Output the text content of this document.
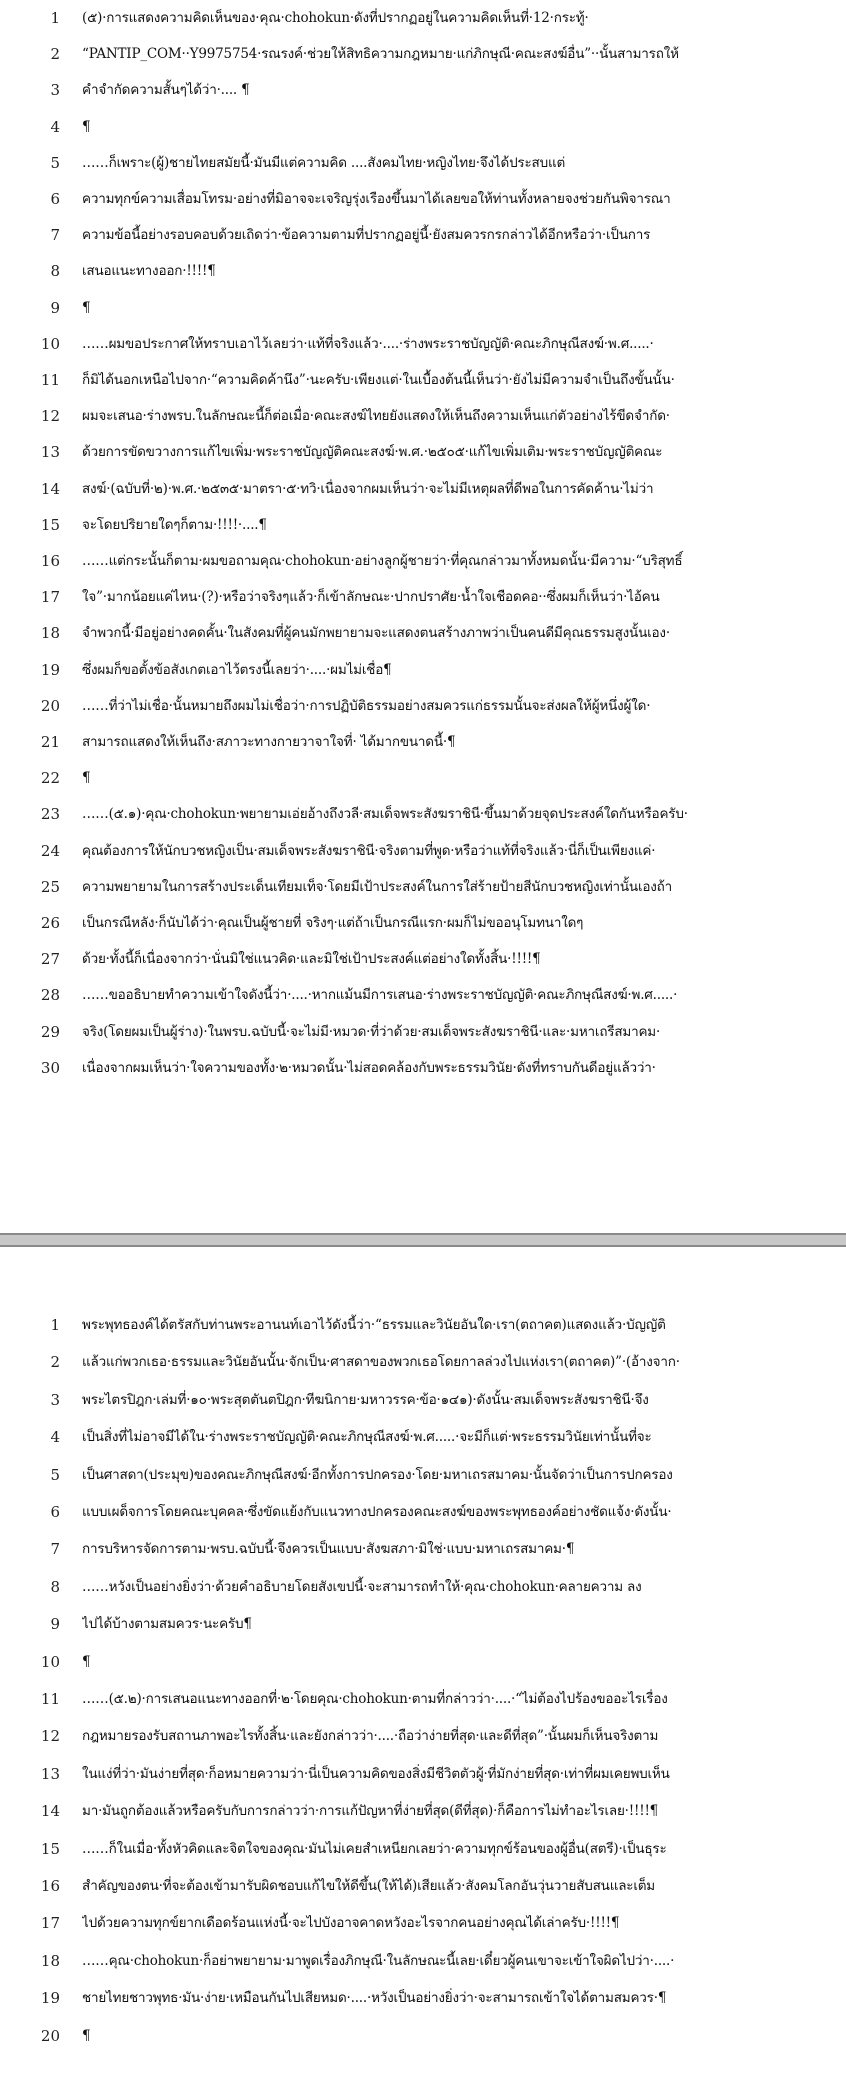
1 (๕)·การแสดงความคิดเห็นของ·คุณ·chohokun·ดังที่ปรากฏอยู่ในความคิดเห็นที่·12·กระทู้·
2 “PANTIP_COM··Y9975754·รณรงค์·ช่วยให้สิทธิความกฎหมาย·แก่ภิกษุณี·คณะสงฆ์อื่น”··นั้นสามารถให้
3 คำจำกัดความสั้นๆได้ว่า·.... ¶
4 ¶
5 ……ก็เพราะ(ผู้)ชายไทยสมัยนี้·มันมีแต่ความคิด ....สังคมไทย·หญิงไทย·จึงได้ประสบแต่
6 ความทุกข์ความเสื่อมโทรม·อย่างที่มิอาจจะเจริญรุ่งเรืองขึ้นมาได้เลยขอให้ท่านทั้งหลายจงช่วยกันพิจารณา
7 ความข้อนี้อย่างรอบคอบด้วยเถิดว่า·ข้อความตามที่ปรากฏอยู่นี้·ยังสมควรกรกล่าวได้อีกหรือว่า·เป็นการ
8 เสนอแนะทางออก·!!!!¶
9 ¶
10 ……ผมขอประกาศให้ทราบเอาไว้เลยว่า·แท้ที่จริงแล้ว·....·ร่างพระราชบัญญัติ·คณะภิกษุณีสงฆ์·พ.ศ.....·
11 ก็มิได้นอกเหนือไปจาก·“ความคิดค้านึง”·นะครับ·เพียงแต่·ในเบื้องต้นนี้เห็นว่า·ยังไม่มีความจำเป็นถึงขั้นนั้น·
12 ผมจะเสนอ·ร่างพรบ.ในลักษณะนี้ก็ต่อเมื่อ·คณะสงฆ์ไทยยังแสดงให้เห็นถึงความเห็นแก่ตัวอย่างไร้ขีดจำกัด·
13 ด้วยการขัดขวางการแก้ไขเพิ่ม·พระราชบัญญัติคณะสงฆ์·พ.ศ.·๒๕๐๕·แก้ไขเพิ่มเติม·พระราชบัญญัติคณะ
14 สงฆ์·(ฉบับที่·๒)·พ.ศ.·๒๕๓๕·มาตรา·๕·ทวิ·เนื่องจากผมเห็นว่า·จะไม่มีเหตุผลที่ดีพอในการคัดค้าน·ไม่ว่า
15 จะโดยปริยายใดๆก็ตาม·!!!!·....¶
16 ……แต่กระนั้นก็ตาม·ผมขอถามคุณ·chohokun·อย่างลูกผู้ชายว่า·ที่คุณกล่าวมาทั้งหมดนั้น·มีความ·“บริสุทธิ์
17 ใจ”·มากน้อยแค่ไหน·(?)·หรือว่าจริงๆแล้ว·ก็เข้าลักษณะ·ปากปราศัย·น้ำใจเชือดคอ··ซึ่งผมก็เห็นว่า·ไอ้คน
18 จำพวกนี้·มีอยู่อย่างคดคั้น·ในสังคมที่ผู้คนมักพยายามจะแสดงตนสร้างภาพว่าเป็นคนดีมีคุณธรรมสูงนั้นเอง·
19 ซึ่งผมก็ขอตั้งข้อสังเกตเอาไว้ตรงนี้เลยว่า·....·ผมไม่เชื่อ¶
20 ……ที่ว่าไม่เชื่อ·นั้นหมายถึงผมไม่เชื่อว่า·การปฏิบัติธรรมอย่างสมควรแก่ธรรมนั้นจะส่งผลให้ผู้หนึ่งผู้ใด·
21 สามารถแสดงให้เห็นถึง·สภาวะทางกายวาจาใจที่· ได้มากขนาดนี้·¶
22 ¶
23 ……(๕.๑)·คุณ·chohokun·พยายามเอ่ยอ้างถึงวลี·สมเด็จพระสังฆราชินี·ขึ้นมาด้วยจุดประสงค์ใดกันหรือครับ·
24 คุณต้องการให้นักบวชหญิงเป็น·สมเด็จพระสังฆราชินี·จริงตามที่พูด·หรือว่าแท้ที่จริงแล้ว·นี่ก็เป็นเพียงแค่·
25 ความพยายามในการสร้างประเด็นเทียมเท็จ·โดยมีเป้าประสงค์ในการใส่ร้ายป้ายสีนักบวชหญิงเท่านั้นเองถ้า
26 เป็นกรณีหลัง·ก็นับได้ว่า·คุณเป็นผู้ชายที่ จริงๆ·แต่ถ้าเป็นกรณีแรก·ผมก็ไม่ขออนุโมทนาใดๆ
27 ด้วย·ทั้งนี้ก็เนื่องจากว่า·นั่นมิใช่แนวคิด·และมิใช่เป้าประสงค์แต่อย่างใดทั้งสิ้น·!!!!¶
28 ……ขออธิบายทำความเข้าใจดังนี้ว่า·....·หากแม้นมีการเสนอ·ร่างพระราชบัญญัติ·คณะภิกษุณีสงฆ์·พ.ศ.....·
29 จริง(โดยผมเป็นผู้ร่าง)·ในพรบ.ฉบับนี้·จะไม่มี·หมวด·ที่ว่าด้วย·สมเด็จพระสังฆราชินี·และ·มหาเถรีสมาคม·
30 เนื่องจากผมเห็นว่า·ใจความของทั้ง·๒·หมวดนั้น·ไม่สอดคล้องกับพระธรรมวินัย·ดังที่ทราบกันดีอยู่แล้วว่า·
1 พระพุทธองค์ได้ตรัสกับท่านพระอานนท์เอาไว้ดังนี้ว่า·“ธรรมและวินัยอันใด·เรา(ตถาคต)แสดงแล้ว·บัญญัติ
2 แล้วแก่พวกเธอ·ธรรมและวินัยอันนั้น·จักเป็น·ศาสดาของพวกเธอโดยกาลล่วงไปแห่งเรา(ตถาคต)”·(อ้างจาก·
3 พระไตรปิฎก·เล่มที่·๑๐·พระสุตตันตปิฎก·ทีฆนิกาย·มหาวรรค·ข้อ·๑๔๑)·ดังนั้น·สมเด็จพระสังฆราชินี·จึง
4 เป็นสิ่งที่ไม่อาจมีได้ใน·ร่างพระราชบัญญัติ·คณะภิกษุณีสงฆ์·พ.ศ.....·จะมีก็แต่·พระธรรมวินัยเท่านั้นที่จะ
5 เป็นศาสดา(ประมุข)ของคณะภิกษุณีสงฆ์·อีกทั้งการปกครอง·โดย·มหาเถรสมาคม·นั้นจัดว่าเป็นการปกครอง
6 แบบเผด็จการโดยคณะบุคคล·ซึ่งขัดแย้งกับแนวทางปกครองคณะสงฆ์ของพระพุทธองค์อย่างชัดแจ้ง·ดังนั้น·
7 การบริหารจัดการตาม·พรบ.ฉบับนี้·จึงควรเป็นแบบ·สังฆสภา·มิใช่·แบบ·มหาเถรสมาคม·¶
8 ……หวังเป็นอย่างยิ่งว่า·ด้วยคำอธิบายโดยสังเขปนี้·จะสามารถทำให้·คุณ·chohokun·คลายความ ลง
9 ไปได้บ้างตามสมควร·นะครับ¶
10 ¶
11 ……(๕.๒)·การเสนอแนะทางออกที่·๒·โดยคุณ·chohokun·ตามที่กล่าวว่า·....·“ไม่ต้องไปร้องขออะไรเรื่อง
12 กฎหมายรองรับสถานภาพอะไรทั้งสิ้น·และยังกล่าวว่า·....·ถือว่าง่ายที่สุด·และดีที่สุด”·นั้นผมก็เห็นจริงตาม
13 ในแง่ที่ว่า·มันง่ายที่สุด·ก็อหมายความว่า·นี่เป็นความคิดของสิ่งมีชีวิตตัวผู้·ที่มักง่ายที่สุด·เท่าที่ผมเคยพบเห็น
14 มา·มันถูกต้องแล้วหรือครับกับการกล่าวว่า·การแก้ปัญหาที่ง่ายที่สุด(ดีที่สุด)·ก็คือการไม่ทำอะไรเลย·!!!!¶
15 ……ก็ในเมื่อ·ทั้งหัวคิดและจิตใจของคุณ·มันไม่เคยสำเหนียกเลยว่า·ความทุกข์ร้อนของผู้อื่น(สตรี)·เป็นธุระ
16 สำคัญของตน·ที่จะต้องเข้ามารับผิดชอบแก้ไขให้ดีขึ้น(ให้ได้)เสียแล้ว·สังคมโลกอันวุ่นวายสับสนและเต็ม
17 ไปด้วยความทุกข์ยากเดือดร้อนแห่งนี้·จะไปบังอาจคาดหวังอะไรจากคนอย่างคุณได้เล่าครับ·!!!!¶
18 ……คุณ·chohokun·ก็อย่าพยายาม·มาพูดเรื่องภิกษุณี·ในลักษณะนี้เลย·เดี๋ยวผู้คนเขาจะเข้าใจผิดไปว่า·....·
19 ชายไทยชาวพุทธ·มัน·ง่าย·เหมือนกันไปเสียหมด·....·หวังเป็นอย่างยิ่งว่า·จะสามารถเข้าใจได้ตามสมควร·¶
20 ¶
